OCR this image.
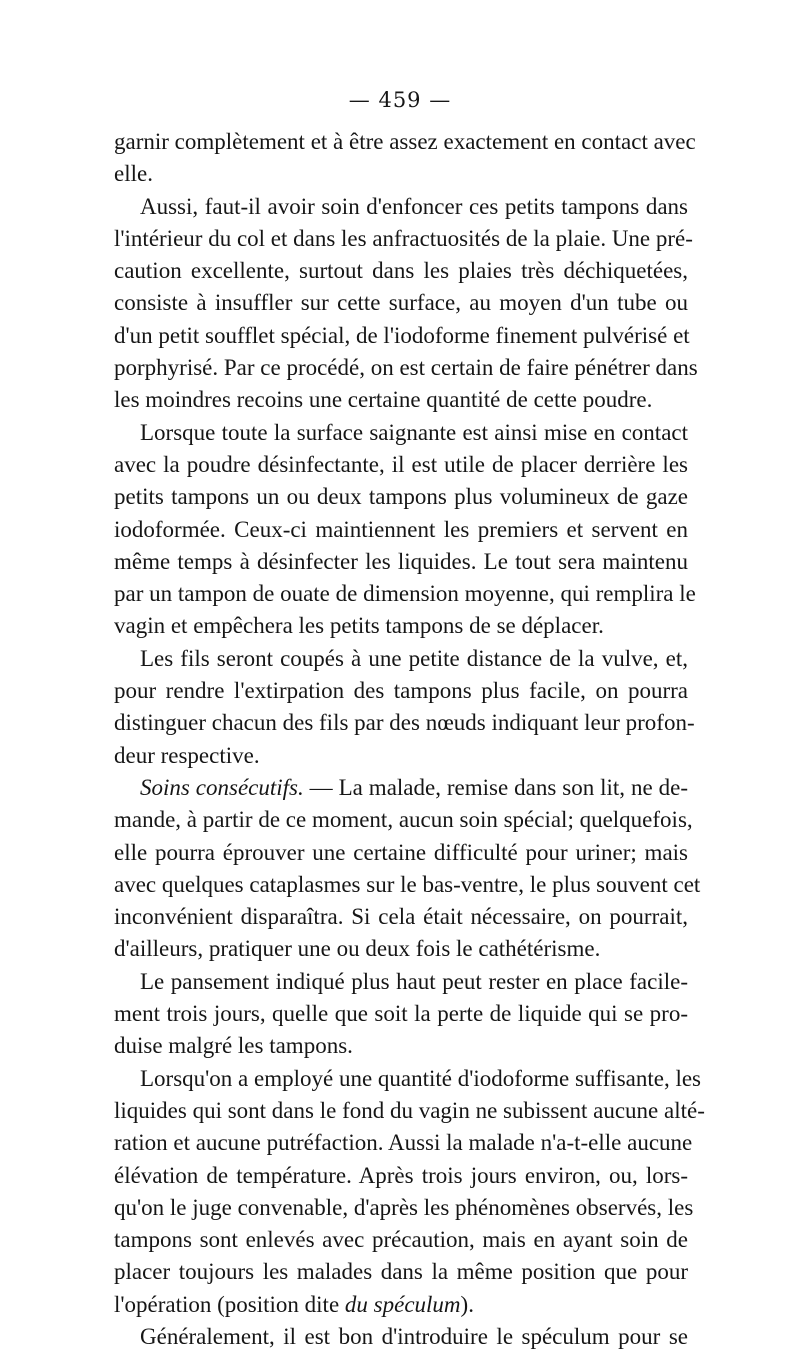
— 459 —
garnir complètement et à être assez exactement en contact avec
elle.
Aussi, faut-il avoir soin d'enfoncer ces petits tampons dans
l'intérieur du col et dans les anfractuosités de la plaie. Une pré-
caution excellente, surtout dans les plaies très déchiquetées,
consiste à insuffler sur cette surface, au moyen d'un tube ou
d'un petit soufflet spécial, de l'iodoforme finement pulvérisé et
porphyrisé. Par ce procédé, on est certain de faire pénétrer dans
les moindres recoins une certaine quantité de cette poudre.
Lorsque toute la surface saignante est ainsi mise en contact
avec la poudre désinfectante, il est utile de placer derrière les
petits tampons un ou deux tampons plus volumineux de gaze
iodoformée. Ceux-ci maintiennent les premiers et servent en
même temps à désinfecter les liquides. Le tout sera maintenu
par un tampon de ouate de dimension moyenne, qui remplira le
vagin et empêchera les petits tampons de se déplacer.
Les fils seront coupés à une petite distance de la vulve, et,
pour rendre l'extirpation des tampons plus facile, on pourra
distinguer chacun des fils par des nœuds indiquant leur profon-
deur respective.
Soins consécutifs. — La malade, remise dans son lit, ne de-
mande, à partir de ce moment, aucun soin spécial; quelquefois,
elle pourra éprouver une certaine difficulté pour uriner; mais
avec quelques cataplasmes sur le bas-ventre, le plus souvent cet
inconvénient disparaîtra. Si cela était nécessaire, on pourrait,
d'ailleurs, pratiquer une ou deux fois le cathétérisme.
Le pansement indiqué plus haut peut rester en place facile-
ment trois jours, quelle que soit la perte de liquide qui se pro-
duise malgré les tampons.
Lorsqu'on a employé une quantité d'iodoforme suffisante, les
liquides qui sont dans le fond du vagin ne subissent aucune alté-
ration et aucune putréfaction. Aussi la malade n'a-t-elle aucune
élévation de température. Après trois jours environ, ou, lors-
qu'on le juge convenable, d'après les phénomènes observés, les
tampons sont enlevés avec précaution, mais en ayant soin de
placer toujours les malades dans la même position que pour
l'opération (position dite du spéculum).
Généralement, il est bon d'introduire le spéculum pour se
